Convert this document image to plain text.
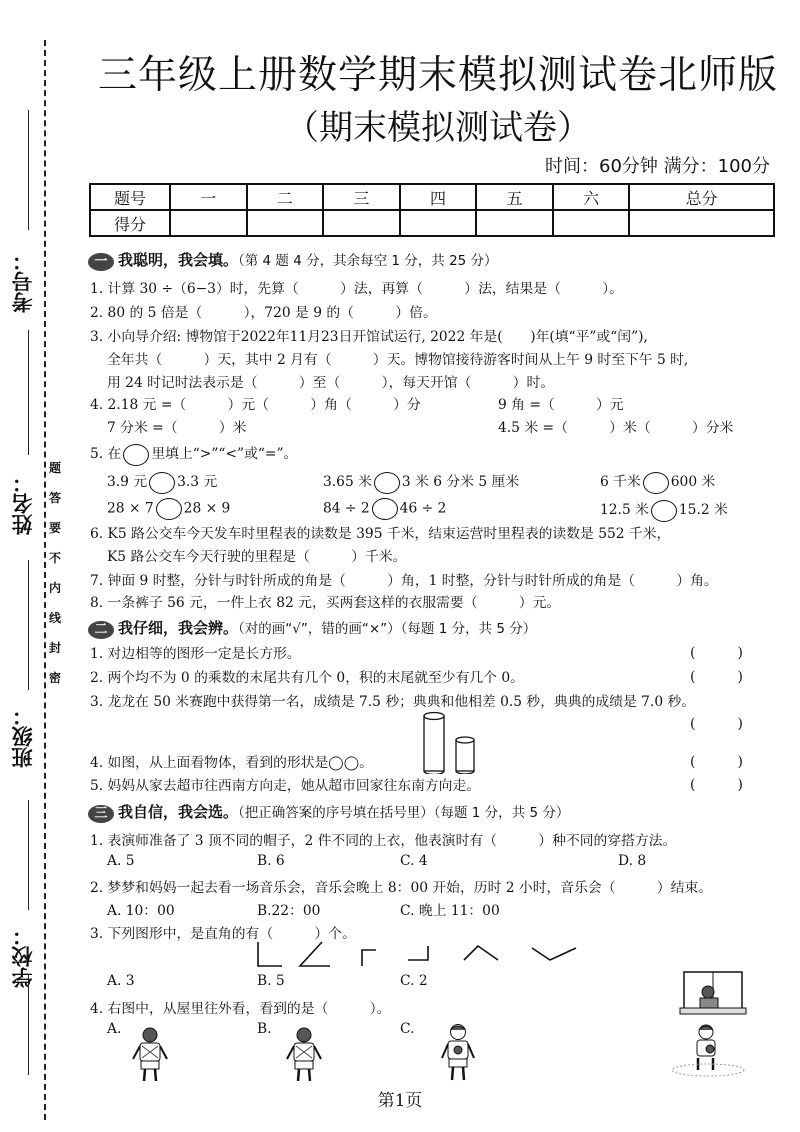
考号：
姓名：
班级：
学校：
题
答
要
不
内
线
封
密
三年级上册数学期末模拟测试卷北师版
（期末模拟测试卷）
时间：60分钟 满分：100分
题号	一	二	三	四	五	六	总分
得分							
一 我聪明，我会填。（第 4 题 4 分，其余每空 1 分，共 25 分）
1. 计算 30 ÷（6−3）时，先算（　　　）法，再算（　　　）法，结果是（　　　）。
2. 80 的 5 倍是（　　　），720 是 9 的（　　　）倍。
3. 小向导介绍: 博物馆于2022年11月23日开馆试运行, 2022 年是(　　)年(填“平”或“闰”),
全年共（　　　）天，其中 2 月有（　　　）天。博物馆接待游客时间从上午 9 时至下午 5 时,
用 24 时记时法表示是（　　　）至（　　　），每天开馆（　　　）时。
4. 2.18 元 =（　　　）元（　　　）角（　　　）分	9 角 =（　　　）元
7 分米 =（　　　）米	4.5 米 =（　　　）米（　　　）分米
5. 在 里填上“>”“<”或“=”。
3.9 元 3.3 元	3.65 米 3 米 6 分米 5 厘米	6 千米 600 米
28 × 7 28 × 9	84 ÷ 2 46 ÷ 2	12.5 米 15.2 米
6. K5 路公交车今天发车时里程表的读数是 395 千米，结束运营时里程表的读数是 552 千米，
K5 路公交车今天行驶的里程是（　　　）千米。
7. 钟面 9 时整，分针与时针所成的角是（　　　）角，1 时整，分针与时针所成的角是（　　　）角。
8. 一条裤子 56 元，一件上衣 82 元，买两套这样的衣服需要（　　　）元。
二 我仔细，我会辨。（对的画“√”，错的画“×”）（每题 1 分，共 5 分）
1. 对边相等的图形一定是长方形。	(　　　)
2. 两个均不为 0 的乘数的末尾共有几个 0，积的末尾就至少有几个 0。	(　　　)
3. 龙龙在 50 米赛跑中获得第一名，成绩是 7.5 秒；典典和他相差 0.5 秒，典典的成绩是 7.0 秒。
(　　　)
4. 如图，从上面看物体，看到的形状是◯◯。	(　　　)
5. 妈妈从家去超市往西南方向走，她从超市回家往东南方向走。	(　　　)
三 我自信，我会选。（把正确答案的序号填在括号里）（每题 1 分，共 5 分）
1. 表演师准备了 3 顶不同的帽子，2 件不同的上衣，他表演时有（　　　）种不同的穿搭方法。
A. 5	B. 6	C. 4	D. 8
2. 梦梦和妈妈一起去看一场音乐会，音乐会晚上 8：00 开始，历时 2 小时，音乐会（　　　）结束。
A. 10：00	B.22：00	C. 晚上 11：00
3. 下列图形中，是直角的有（　　　）个。
A. 3	B. 5	C. 2
4. 右图中，从屋里往外看，看到的是（　　　）。
A.	B.	C.
第1页
